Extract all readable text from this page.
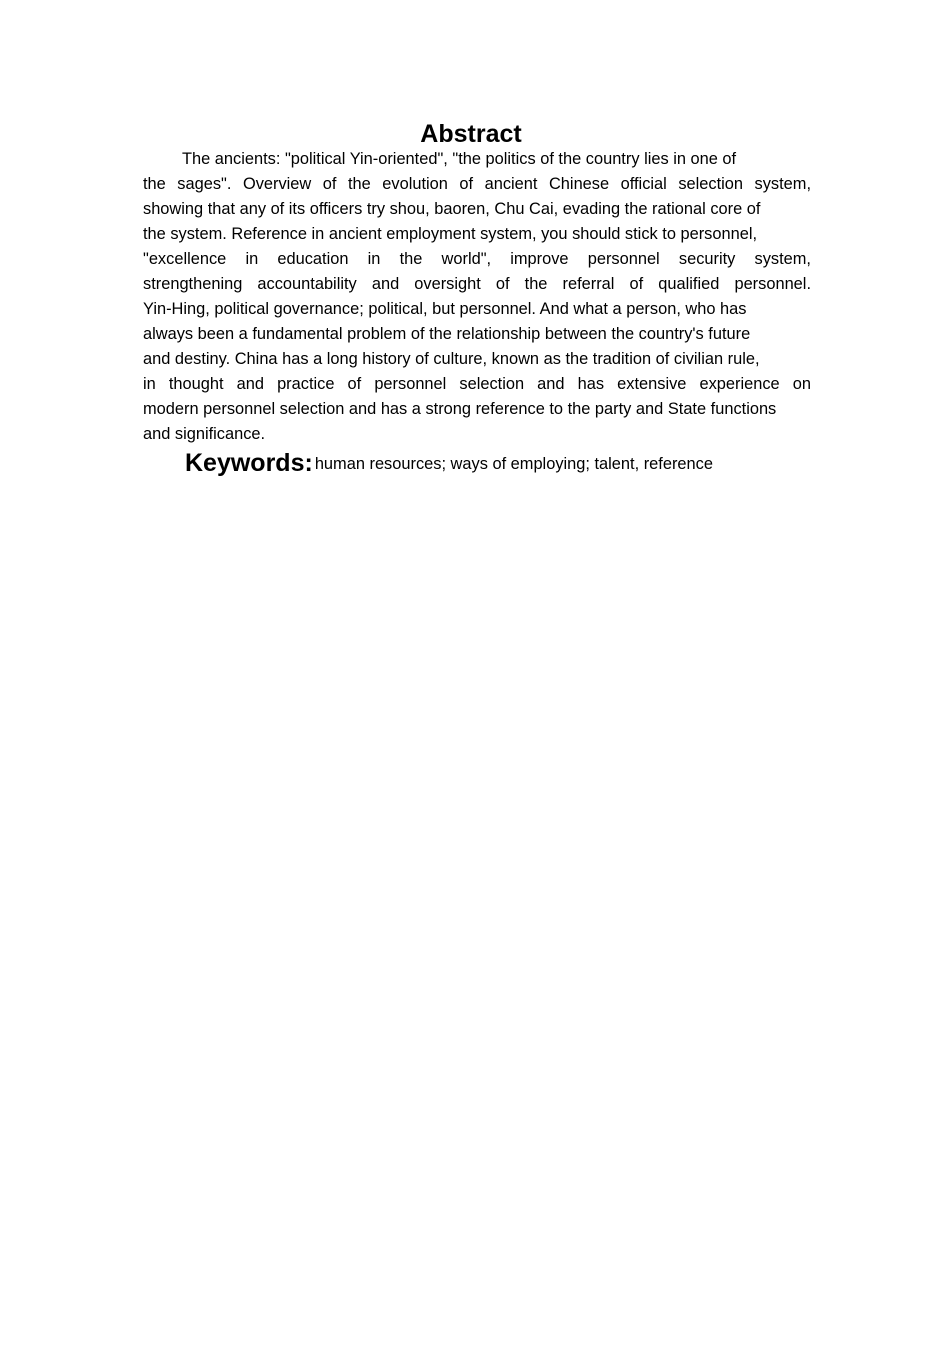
Abstract
The ancients: "political Yin-oriented", "the politics of the country lies in one of
the sages". Overview of the evolution of ancient Chinese official selection system,
showing that any of its officers try shou, baoren, Chu Cai, evading the rational core of
the system. Reference in ancient employment system, you should stick to personnel,
"excellence in education in the world", improve personnel security system,
strengthening accountability and oversight of the referral of qualified personnel.
Yin-Hing, political governance; political, but personnel. And what a person, who has
always been a fundamental problem of the relationship between the country's future
and destiny. China has a long history of culture, known as the tradition of civilian rule,
in thought and practice of personnel selection and has extensive experience on
modern personnel selection and has a strong reference to the party and State functions
and significance.
Keywords: human resources; ways of employing; talent, reference
